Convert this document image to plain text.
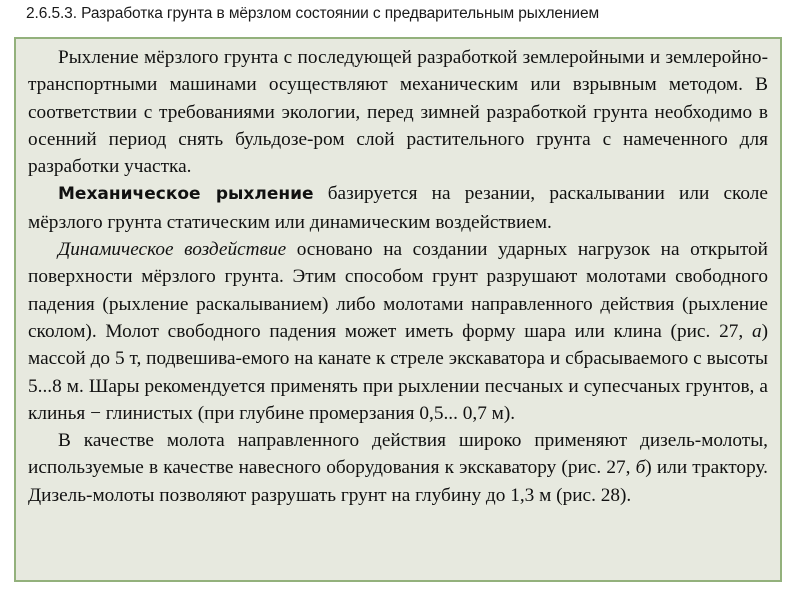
2.6.5.3. Разработка грунта в мёрзлом состоянии с предварительным рыхлением

Рыхление мёрзлого грунта с последующей разработкой землеройными и землеройно-транспортными машинами осуществляют механическим или взрывным методом. В соответствии с требованиями экологии, перед зимней разработкой грунта необходимо в осенний период снять бульдозе-ром слой растительного грунта с намеченного для разработки участка.

Механическое рыхление базируется на резании, раскалывании или сколе мёрзлого грунта статическим или динамическим воздействием.

Динамическое воздействие основано на создании ударных нагрузок на открытой поверхности мёрзлого грунта. Этим способом грунт разрушают молотами свободного падения (рыхление раскалыванием) либо молотами направленного действия (рыхление сколом). Молот свободного падения может иметь форму шара или клина (рис. 27, а) массой до 5 т, подвешива-емого на канате к стреле экскаватора и сбрасываемого с высоты 5...8 м. Шары рекомендуется применять при рыхлении песчаных и супесчаных грунтов, а клинья − глинистых (при глубине промерзания 0,5... 0,7 м).

В качестве молота направленного действия широко применяют дизель-молоты, используемые в качестве навесного оборудования к экскаватору (рис. 27, б) или трактору. Дизель-молоты позволяют разрушать грунт на глубину до 1,3 м (рис. 28).
